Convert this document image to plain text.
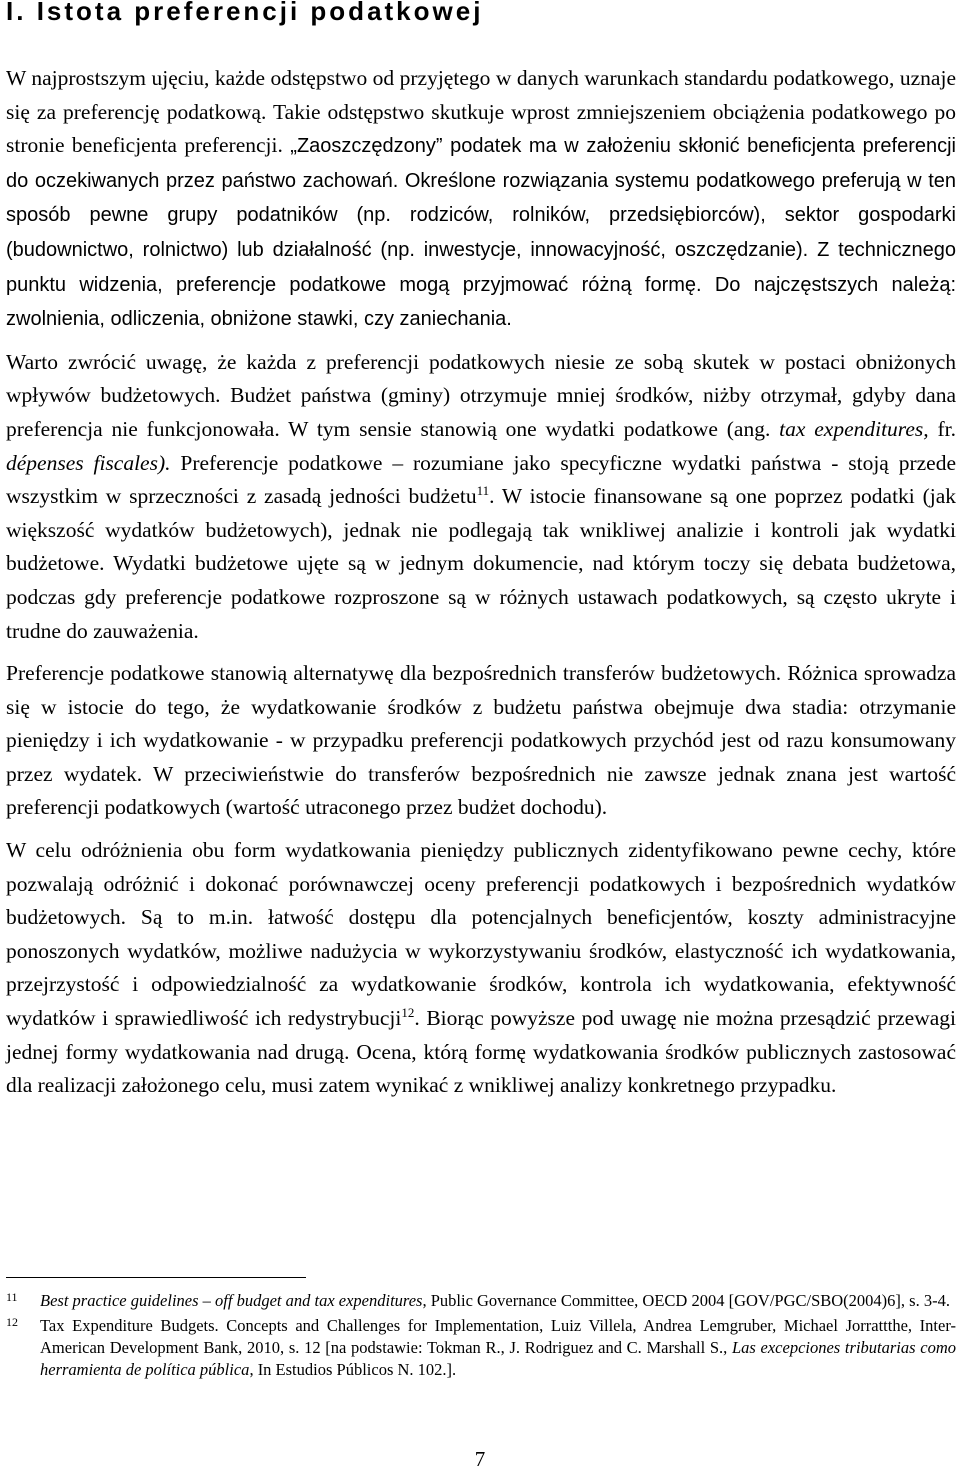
I. Istota preferencji podatkowej

W najprostszym ujęciu, każde odstępstwo od przyjętego w danych warunkach standardu podatkowego, uznaje się za preferencję podatkową. Takie odstępstwo skutkuje wprost zmniejszeniem obciążenia podatkowego po stronie beneficjenta preferencji. „Zaoszczędzony” podatek ma w założeniu skłonić beneficjenta preferencji do oczekiwanych przez państwo zachowań. Określone rozwiązania systemu podatkowego preferują w ten sposób pewne grupy podatników (np. rodziców, rolników, przedsiębiorców), sektor gospodarki (budownictwo, rolnictwo) lub działalność (np. inwestycje, innowacyjność, oszczędzanie). Z technicznego punktu widzenia, preferencje podatkowe mogą przyjmować różną formę. Do najczęstszych należą: zwolnienia, odliczenia, obniżone stawki, czy zaniechania.

Warto zwrócić uwagę, że każda z preferencji podatkowych niesie ze sobą skutek w postaci obniżonych wpływów budżetowych. Budżet państwa (gminy) otrzymuje mniej środków, niżby otrzymał, gdyby dana preferencja nie funkcjonowała. W tym sensie stanowią one wydatki podatkowe (ang. tax expenditures, fr. dépenses fiscales). Preferencje podatkowe – rozumiane jako specyficzne wydatki państwa - stoją przede wszystkim w sprzeczności z zasadą jedności budżetu$^{11}$. W istocie finansowane są one poprzez podatki (jak większość wydatków budżetowych), jednak nie podlegają tak wnikliwej analizie i kontroli jak wydatki budżetowe. Wydatki budżetowe ujęte są w jednym dokumencie, nad którym toczy się debata budżetowa, podczas gdy preferencje podatkowe rozproszone są w różnych ustawach podatkowych, są często ukryte i trudne do zauważenia.

Preferencje podatkowe stanowią alternatywę dla bezpośrednich transferów budżetowych. Różnica sprowadza się w istocie do tego, że wydatkowanie środków z budżetu państwa obejmuje dwa stadia: otrzymanie pieniędzy i ich wydatkowanie - w przypadku preferencji podatkowych przychód jest od razu konsumowany przez wydatek. W przeciwieństwie do transferów bezpośrednich nie zawsze jednak znana jest wartość preferencji podatkowych (wartość utraconego przez budżet dochodu).

W celu odróżnienia obu form wydatkowania pieniędzy publicznych zidentyfikowano pewne cechy, które pozwalają odróżnić i dokonać porównawczej oceny preferencji podatkowych i bezpośrednich wydatków budżetowych. Są to m.in. łatwość dostępu dla potencjalnych beneficjentów, koszty administracyjne ponoszonych wydatków, możliwe nadużycia w wykorzystywaniu środków, elastyczność ich wydatkowania, przejrzystość i odpowiedzialność za wydatkowanie środków, kontrola ich wydatkowania, efektywność wydatków i sprawiedliwość ich redystrybucji$^{12}$. Biorąc powyższe pod uwagę nie można przesądzić przewagi jednej formy wydatkowania nad drugą. Ocena, którą formę wydatkowania środków publicznych zastosować dla realizacji założonego celu, musi zatem wynikać z wnikliwej analizy konkretnego przypadku.

11 Best practice guidelines – off budget and tax expenditures, Public Governance Committee, OECD 2004 [GOV/PGC/SBO(2004)6], s. 3-4.
12 Tax Expenditure Budgets. Concepts and Challenges for Implementation, Luiz Villela, Andrea Lemgruber, Michael Jorrattthe, Inter-American Development Bank, 2010, s. 12 [na podstawie: Tokman R., J. Rodriguez and C. Marshall S., Las excepciones tributarias como herramienta de política pública, In Estudios Públicos N. 102.].
7
